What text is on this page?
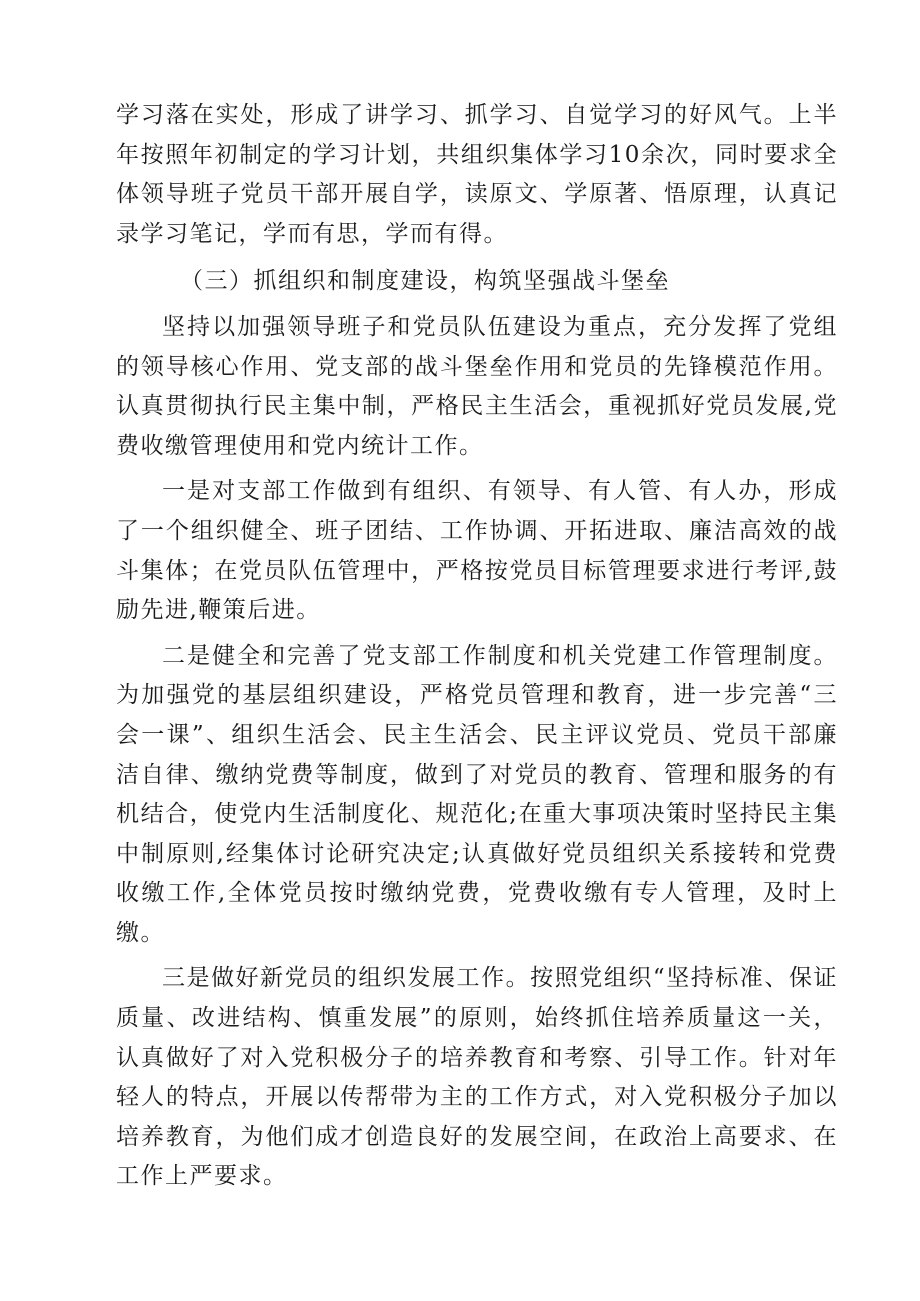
学习落在实处，形成了讲学习、抓学习、自觉学习的好风气。上半年按照年初制定的学习计划，共组织集体学习10余次，同时要求全体领导班子党员干部开展自学，读原文、学原著、悟原理，认真记录学习笔记，学而有思，学而有得。

（三）抓组织和制度建设，构筑坚强战斗堡垒

坚持以加强领导班子和党员队伍建设为重点，充分发挥了党组的领导核心作用、党支部的战斗堡垒作用和党员的先锋模范作用。认真贯彻执行民主集中制，严格民主生活会，重视抓好党员发展,党费收缴管理使用和党内统计工作。

一是对支部工作做到有组织、有领导、有人管、有人办，形成了一个组织健全、班子团结、工作协调、开拓进取、廉洁高效的战斗集体；在党员队伍管理中，严格按党员目标管理要求进行考评,鼓励先进,鞭策后进。

二是健全和完善了党支部工作制度和机关党建工作管理制度。为加强党的基层组织建设，严格党员管理和教育，进一步完善“三会一课”、组织生活会、民主生活会、民主评议党员、党员干部廉洁自律、缴纳党费等制度，做到了对党员的教育、管理和服务的有机结合，使党内生活制度化、规范化;在重大事项决策时坚持民主集中制原则,经集体讨论研究决定;认真做好党员组织关系接转和党费收缴工作,全体党员按时缴纳党费，党费收缴有专人管理，及时上缴。

三是做好新党员的组织发展工作。按照党组织“坚持标准、保证质量、改进结构、慎重发展”的原则，始终抓住培养质量这一关，认真做好了对入党积极分子的培养教育和考察、引导工作。针对年轻人的特点，开展以传帮带为主的工作方式，对入党积极分子加以培养教育，为他们成才创造良好的发展空间，在政治上高要求、在工作上严要求。
